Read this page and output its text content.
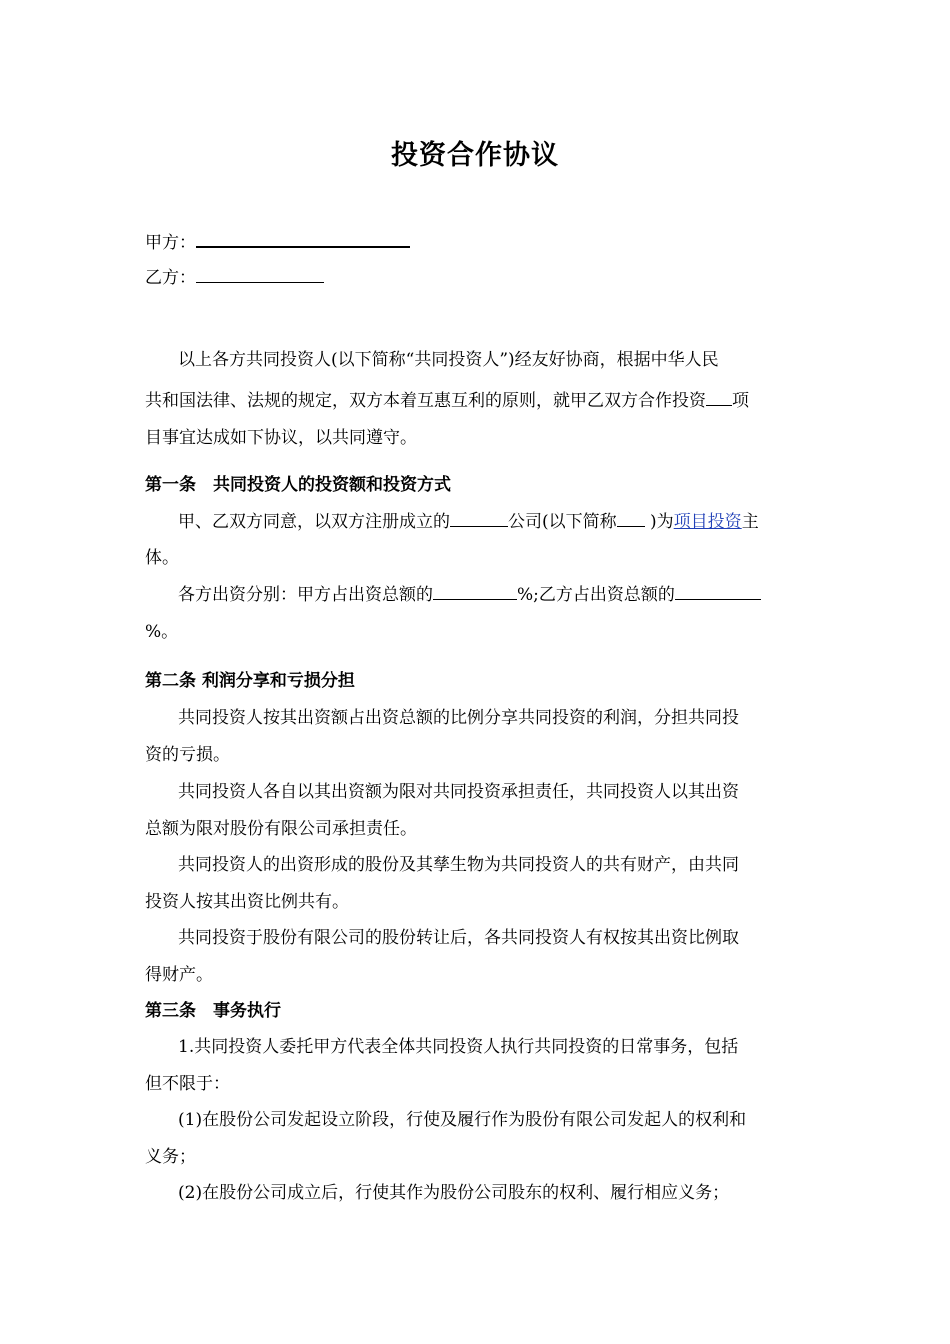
投资合作协议
甲方：
乙方：
以上各方共同投资人(以下简称“共同投资人”)经友好协商，根据中华人民
共和国法律、法规的规定，双方本着互惠互利的原则，就甲乙双方合作投资 项
目事宜达成如下协议，以共同遵守。
第一条　共同投资人的投资额和投资方式
甲、乙双方同意，以双方注册成立的	公司(以下简称 )为项目投资主
体。
各方出资分别：甲方占出资总额的	%;乙方占出资总额的
%。
第二条 利润分享和亏损分担
共同投资人按其出资额占出资总额的比例分享共同投资的利润，分担共同投
资的亏损。
共同投资人各自以其出资额为限对共同投资承担责任，共同投资人以其出资
总额为限对股份有限公司承担责任。
共同投资人的出资形成的股份及其孳生物为共同投资人的共有财产，由共同
投资人按其出资比例共有。
共同投资于股份有限公司的股份转让后，各共同投资人有权按其出资比例取
得财产。
第三条　事务执行
1.共同投资人委托甲方代表全体共同投资人执行共同投资的日常事务，包括
但不限于：
(1)在股份公司发起设立阶段，行使及履行作为股份有限公司发起人的权利和
义务；
(2)在股份公司成立后，行使其作为股份公司股东的权利、履行相应义务；
